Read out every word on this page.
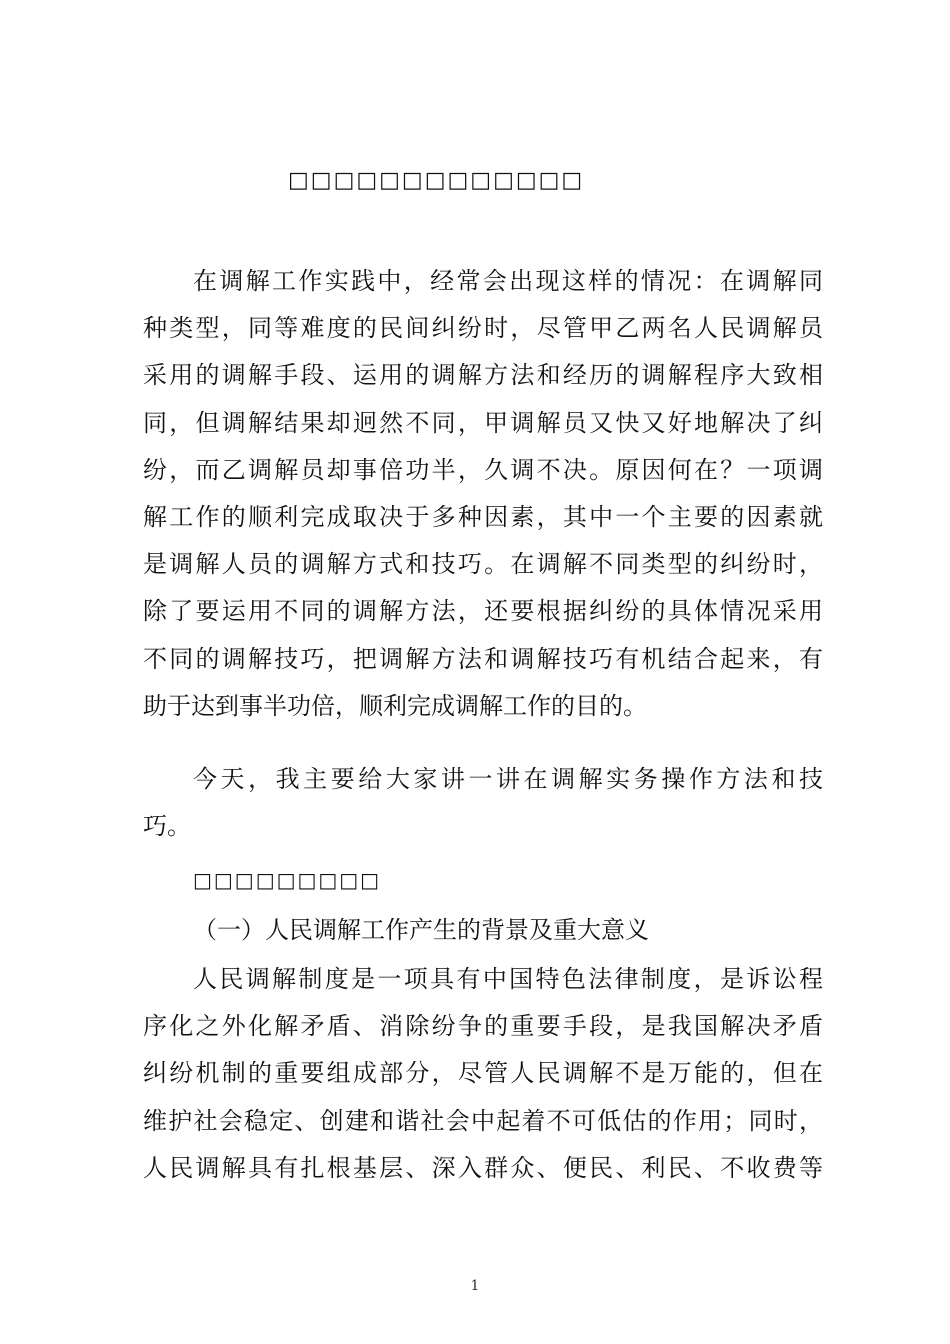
□□□□□□□□□□□□□
在调解工作实践中，经常会出现这样的情况：在调解同
种类型，同等难度的民间纠纷时，尽管甲乙两名人民调解员
采用的调解手段、运用的调解方法和经历的调解程序大致相
同，但调解结果却迥然不同，甲调解员又快又好地解决了纠
纷，而乙调解员却事倍功半，久调不决。原因何在？一项调
解工作的顺利完成取决于多种因素，其中一个主要的因素就
是调解人员的调解方式和技巧。在调解不同类型的纠纷时，
除了要运用不同的调解方法，还要根据纠纷的具体情况采用
不同的调解技巧，把调解方法和调解技巧有机结合起来，有
助于达到事半功倍，顺利完成调解工作的目的。
今天，我主要给大家讲一讲在调解实务操作方法和技
巧。
□□□□□□□□□
（一）人民调解工作产生的背景及重大意义
人民调解制度是一项具有中国特色法律制度，是诉讼程
序化之外化解矛盾、消除纷争的重要手段，是我国解决矛盾
纠纷机制的重要组成部分，尽管人民调解不是万能的，但在
维护社会稳定、创建和谐社会中起着不可低估的作用；同时，
人民调解具有扎根基层、深入群众、便民、利民、不收费等
1
